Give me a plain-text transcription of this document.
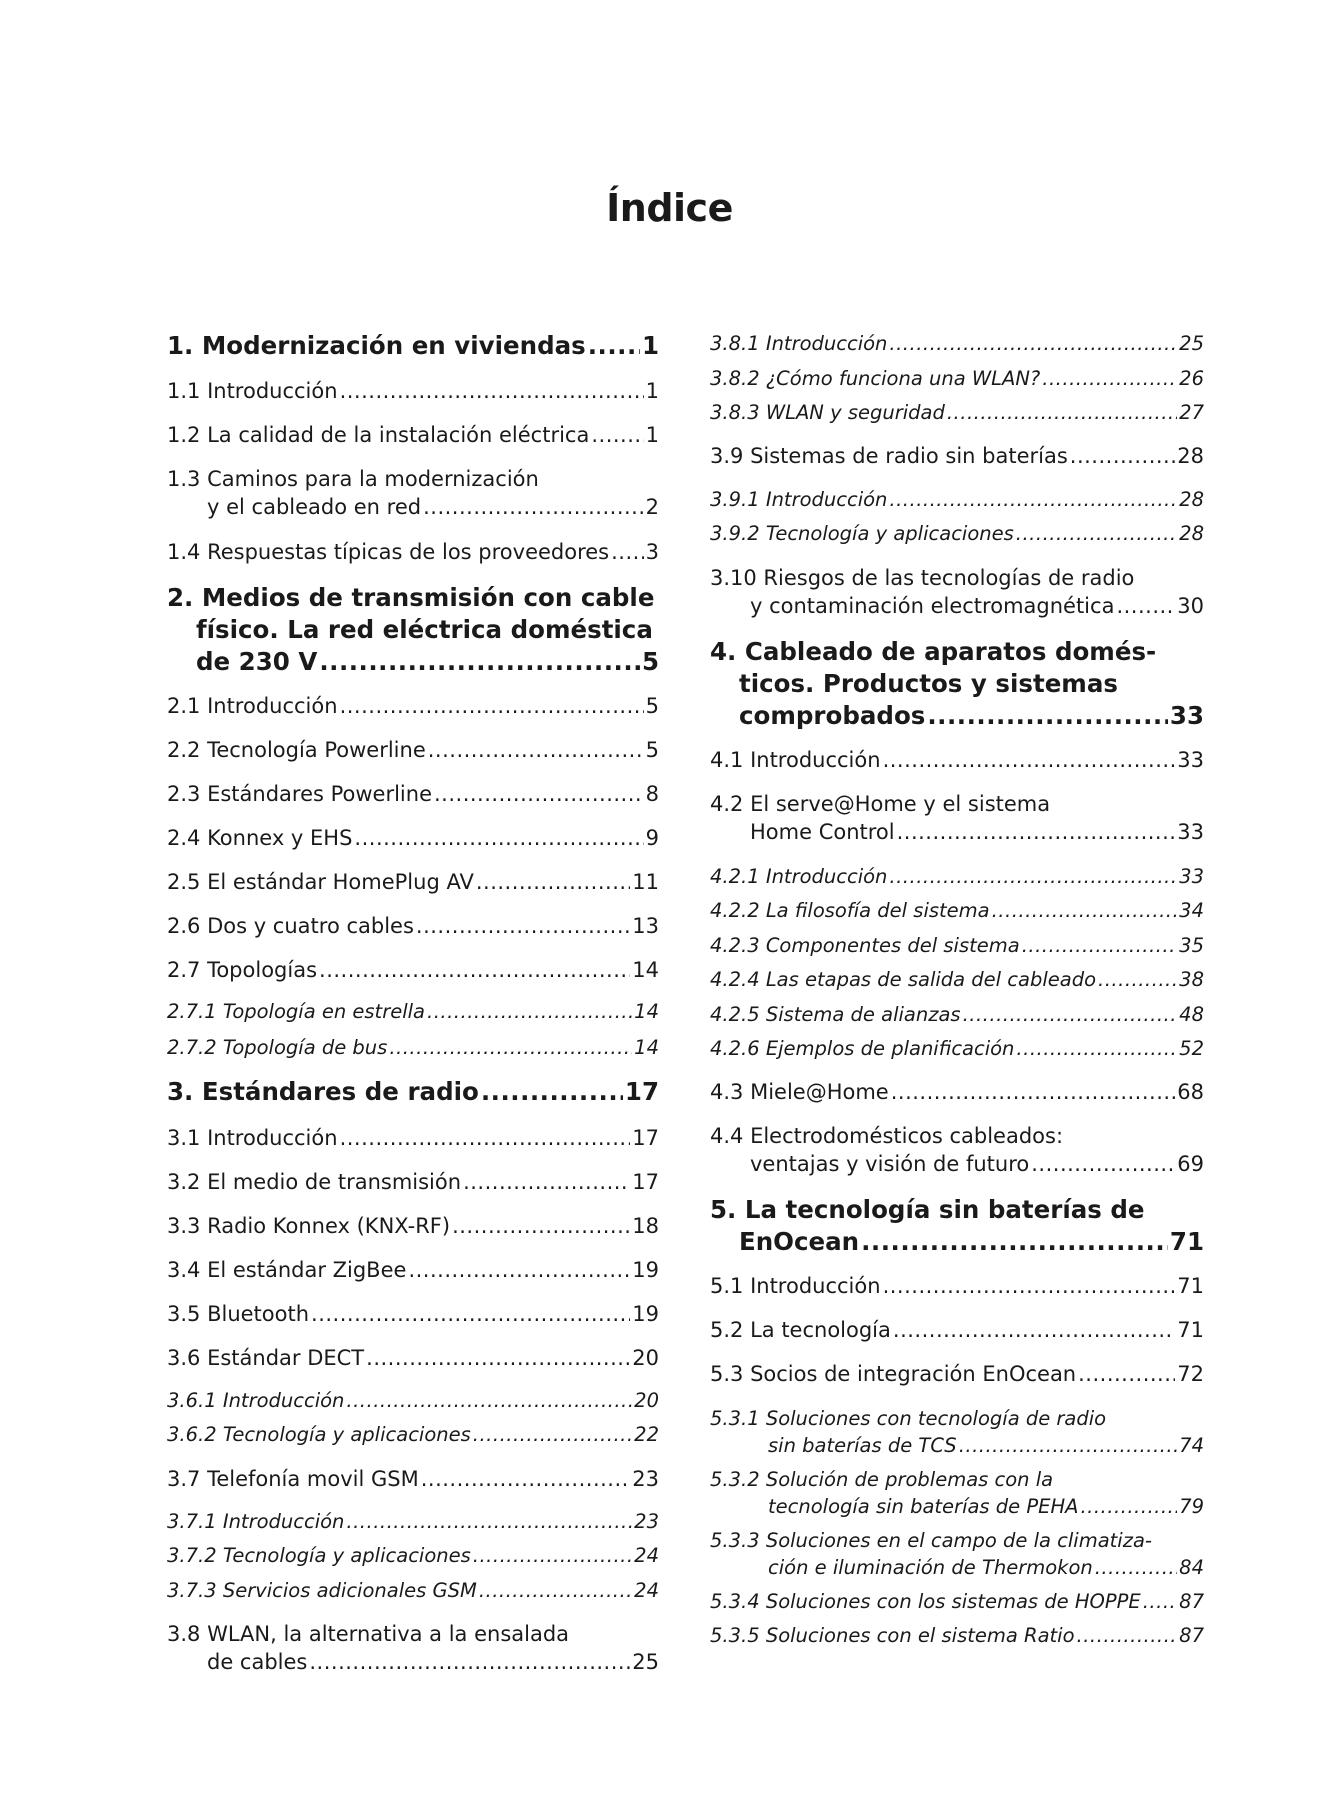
Índice
1. Modernización en viviendas ..... 1
1.1 Introducción .....	1
1.2 La calidad de la instalación eléctrica .....	1
1.3 Caminos para la modernización
y el cableado en red .....	2
1.4 Respuestas típicas de los proveedores ..... 3
2. Medios de transmisión con cable
físico. La red eléctrica doméstica
de 230 V .....	5
2.1 Introducción .....	5
2.2 Tecnología Powerline .....	5
2.3 Estándares Powerline .....	8
2.4 Konnex y EHS .....	9
2.5 El estándar HomePlug AV .....	11
2.6 Dos y cuatro cables .....	13
2.7 Topologías .....	14
2.7.1 Topología en estrella .....	14
2.7.2 Topología de bus .....	14
3. Estándares de radio .....	17
3.1 Introducción .....	17
3.2 El medio de transmisión .....	17
3.3 Radio Konnex (KNX-RF) .....	18
3.4 El estándar ZigBee .....	19
3.5 Bluetooth .....	19
3.6 Estándar DECT .....	20
3.6.1 Introducción .....	20
3.6.2 Tecnología y aplicaciones .....	22
3.7 Telefonía movil GSM .....	23
3.7.1 Introducción .....	23
3.7.2 Tecnología y aplicaciones .....	24
3.7.3 Servicios adicionales GSM .....	24
3.8 WLAN, la alternativa a la ensalada
de cables .....	25
3.8.1 Introducción .....	25
3.8.2 ¿Cómo funciona una WLAN? .....	26
3.8.3 WLAN y seguridad .....	27
3.9 Sistemas de radio sin baterías .....	28
3.9.1 Introducción .....	28
3.9.2 Tecnología y aplicaciones .....	28
3.10 Riesgos de las tecnologías de radio
y contaminación electromagnética .....	30
4. Cableado de aparatos domés-
ticos. Productos y sistemas
comprobados .....	33
4.1 Introducción .....	33
4.2 El serve@Home y el sistema
Home Control .....	33
4.2.1 Introducción .....	33
4.2.2 La filosofía del sistema .....	34
4.2.3 Componentes del sistema .....	35
4.2.4 Las etapas de salida del cableado .....	38
4.2.5 Sistema de alianzas .....	48
4.2.6 Ejemplos de planificación .....	52
4.3 Miele@Home .....	68
4.4 Electrodomésticos cableados:
ventajas y visión de futuro .....	69
5. La tecnología sin baterías de
EnOcean .....	71
5.1 Introducción .....	71
5.2 La tecnología .....	71
5.3 Socios de integración EnOcean .....	72
5.3.1 Soluciones con tecnología de radio
sin baterías de TCS .....	74
5.3.2 Solución de problemas con la
tecnología sin baterías de PEHA .....	79
5.3.3 Soluciones en el campo de la climatiza-
ción e iluminación de Thermokon .....	84
5.3.4 Soluciones con los sistemas de HOPPE ..... 87
5.3.5 Soluciones con el sistema Ratio .....	87
